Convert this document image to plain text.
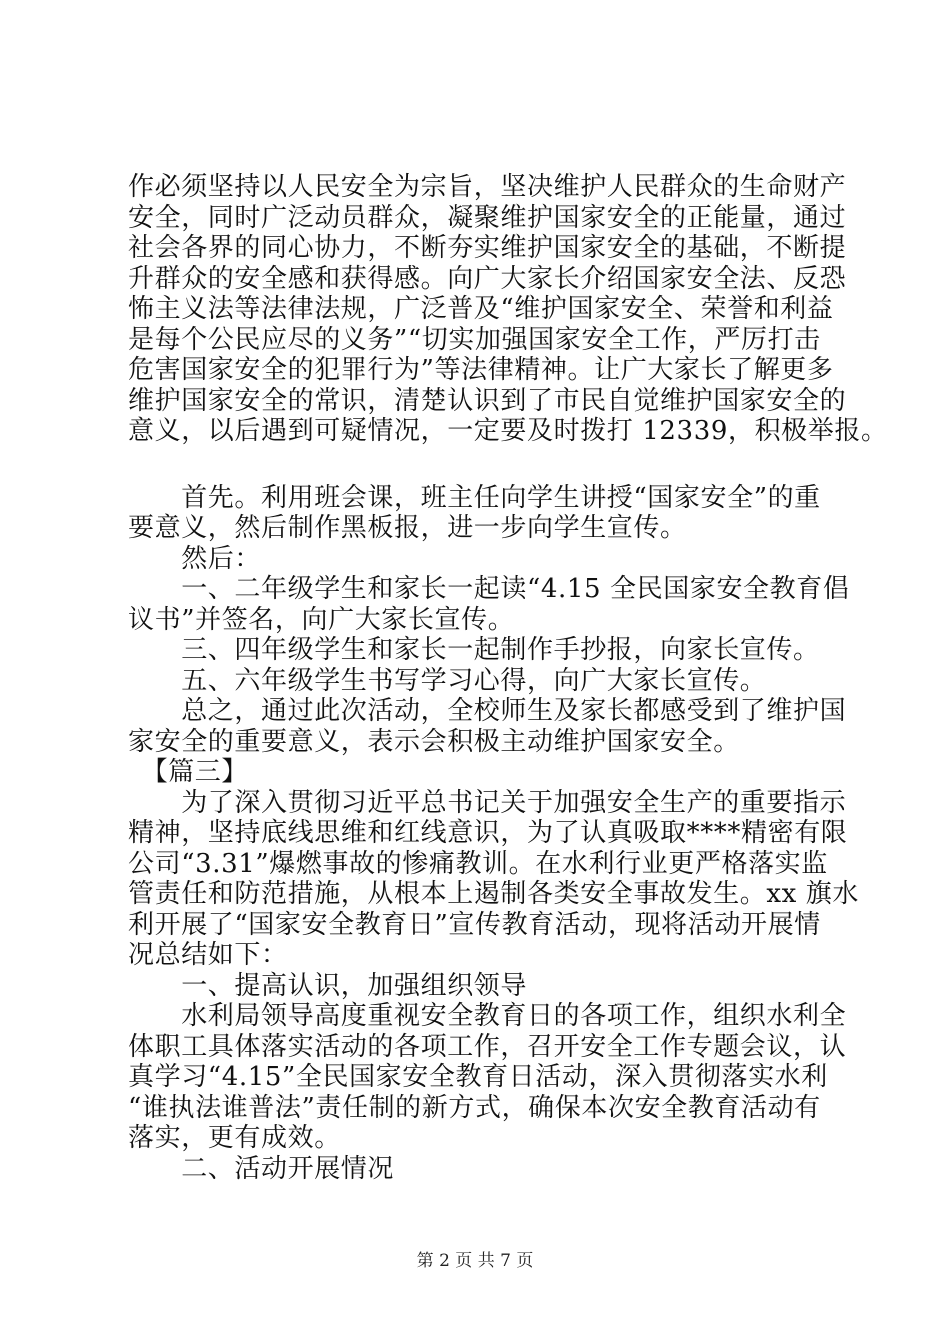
作必须坚持以人民安全为宗旨，坚决维护人民群众的生命财产
安全，同时广泛动员群众，凝聚维护国家安全的正能量，通过
社会各界的同心协力，不断夯实维护国家安全的基础，不断提
升群众的安全感和获得感。向广大家长介绍国家安全法、反恐
怖主义法等法律法规，广泛普及“维护国家安全、荣誉和利益
是每个公民应尽的义务”“切实加强国家安全工作，严厉打击
危害国家安全的犯罪行为”等法律精神。让广大家长了解更多
维护国家安全的常识，清楚认识到了市民自觉维护国家安全的
意义，以后遇到可疑情况，一定要及时拨打 12339，积极举报。
　　首先。利用班会课，班主任向学生讲授“国家安全”的重
要意义，然后制作黑板报，进一步向学生宣传。
　　然后：
　　一、二年级学生和家长一起读“4.15 全民国家安全教育倡
议书”并签名，向广大家长宣传。
　　三、四年级学生和家长一起制作手抄报，向家长宣传。
　　五、六年级学生书写学习心得，向广大家长宣传。
　　总之，通过此次活动，全校师生及家长都感受到了维护国
家安全的重要意义，表示会积极主动维护国家安全。
　【篇三】
　　为了深入贯彻习近平总书记关于加强安全生产的重要指示
精神，坚持底线思维和红线意识，为了认真吸取****精密有限
公司“3.31”爆燃事故的惨痛教训。在水利行业更严格落实监
管责任和防范措施，从根本上遏制各类安全事故发生。xx 旗水
利开展了“国家安全教育日”宣传教育活动，现将活动开展情
况总结如下：
　　一、提高认识，加强组织领导
　　水利局领导高度重视安全教育日的各项工作，组织水利全
体职工具体落实活动的各项工作，召开安全工作专题会议，认
真学习“4.15”全民国家安全教育日活动，深入贯彻落实水利
“谁执法谁普法”责任制的新方式，确保本次安全教育活动有
落实，更有成效。
　　二、活动开展情况
第 2 页 共 7 页
